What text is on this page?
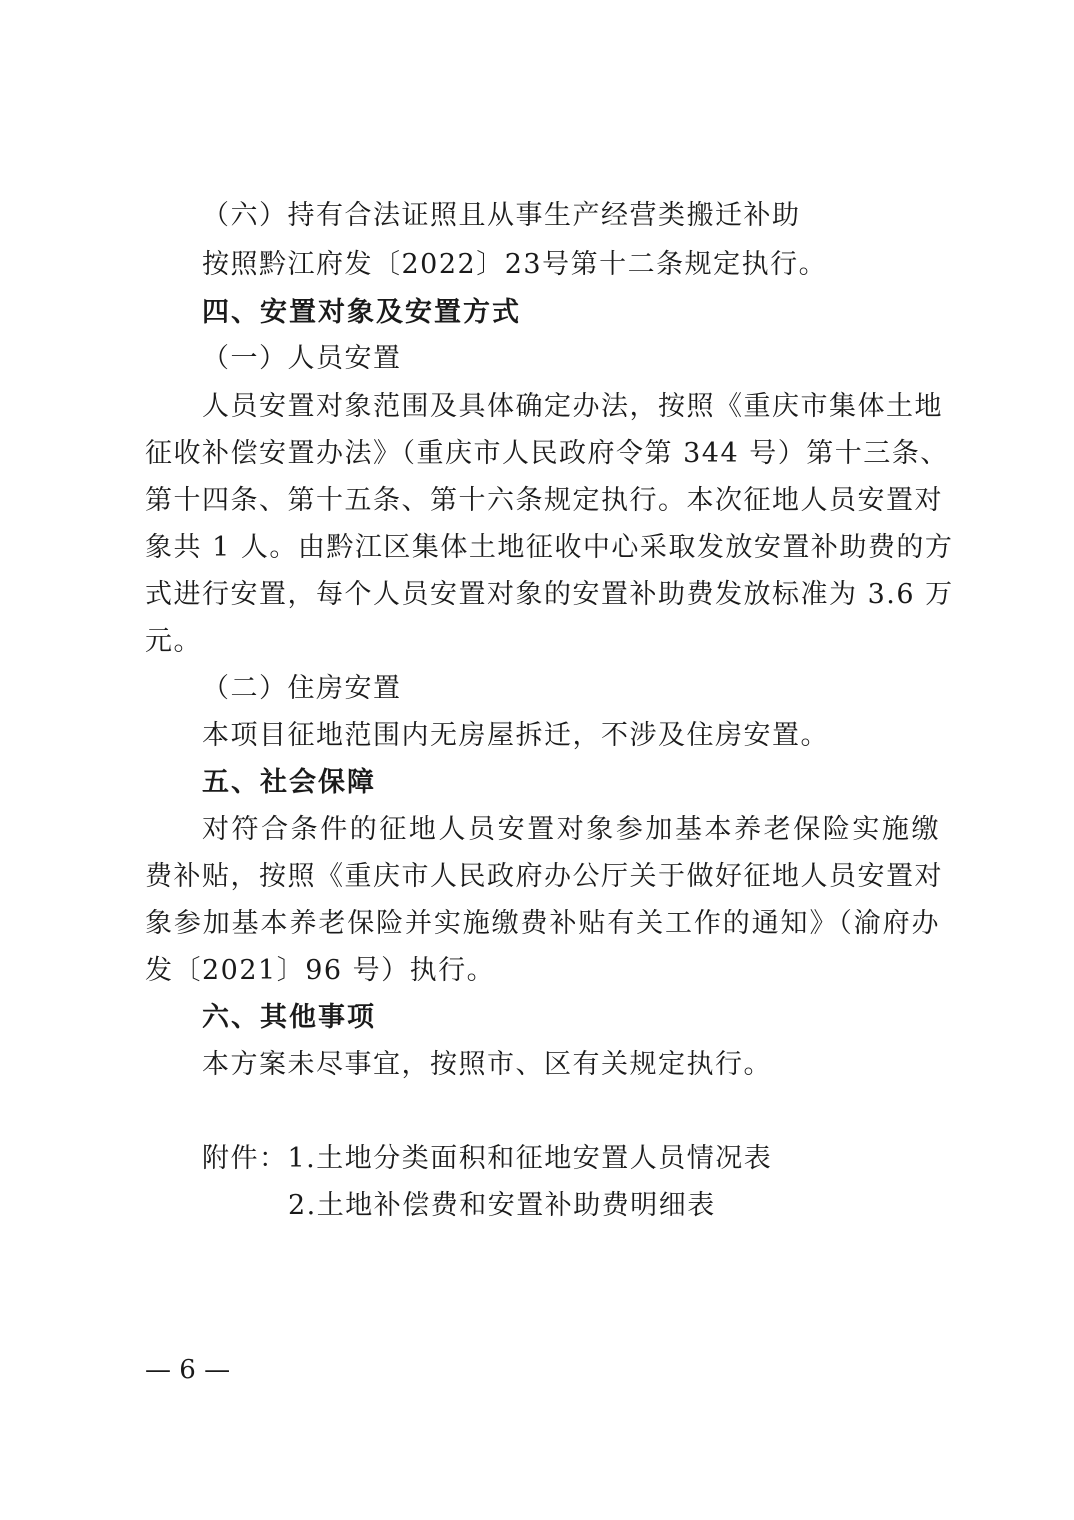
（六）持有合法证照且从事生产经营类搬迁补助
按照黔江府发〔2022〕23号第十二条规定执行。
四、安置对象及安置方式
（一）人员安置
人员安置对象范围及具体确定办法，按照《重庆市集体土地
征收补偿安置办法》（重庆市人民政府令第 344 号）第十三条、
第十四条、第十五条、第十六条规定执行。本次征地人员安置对
象共 1 人。由黔江区集体土地征收中心采取发放安置补助费的方
式进行安置，每个人员安置对象的安置补助费发放标准为 3.6 万
元。
（二）住房安置
本项目征地范围内无房屋拆迁，不涉及住房安置。
五、社会保障
对符合条件的征地人员安置对象参加基本养老保险实施缴
费补贴，按照《重庆市人民政府办公厅关于做好征地人员安置对
象参加基本养老保险并实施缴费补贴有关工作的通知》（渝府办
发〔2021〕96 号）执行。
六、其他事项
本方案未尽事宜，按照市、区有关规定执行。
附件：1.土地分类面积和征地安置人员情况表
2.土地补偿费和安置补助费明细表
— 6 —
